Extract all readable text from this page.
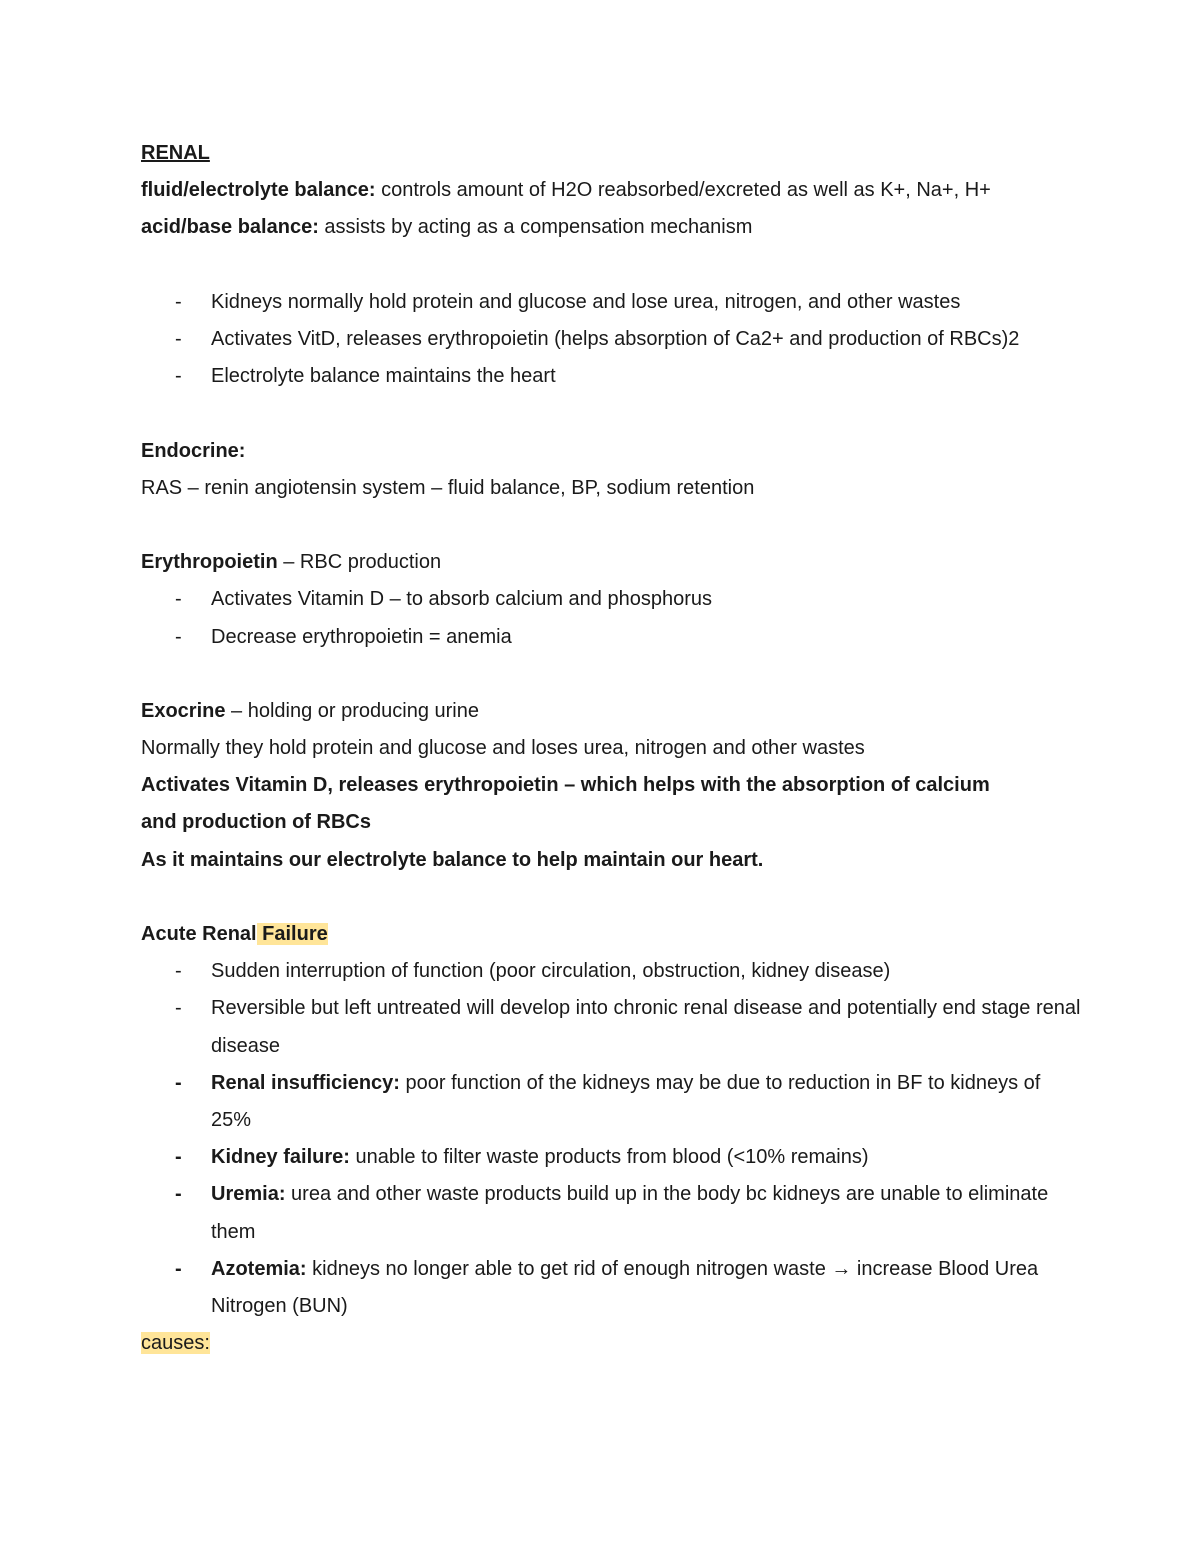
RENAL
fluid/electrolyte balance: controls amount of H2O reabsorbed/excreted as well as K+, Na+, H+
acid/base balance: assists by acting as a compensation mechanism
-	Kidneys normally hold protein and glucose and lose urea, nitrogen, and other wastes
-	Activates VitD, releases erythropoietin (helps absorption of Ca2+ and production of RBCs)2
-	Electrolyte balance maintains the heart
Endocrine:
RAS – renin angiotensin system – fluid balance, BP, sodium retention
Erythropoietin – RBC production
-	Activates Vitamin D – to absorb calcium and phosphorus
-	Decrease erythropoietin = anemia
Exocrine – holding or producing urine
Normally they hold protein and glucose and loses urea, nitrogen and other wastes
Activates Vitamin D, releases erythropoietin – which helps with the absorption of calcium
and production of RBCs
As it maintains our electrolyte balance to help maintain our heart.
Acute Renal Failure
-	Sudden interruption of function (poor circulation, obstruction, kidney disease)
-	Reversible but left untreated will develop into chronic renal disease and potentially end stage renal disease
-	Renal insufficiency: poor function of the kidneys may be due to reduction in BF to kidneys of 25%
-	Kidney failure: unable to filter waste products from blood (<10% remains)
-	Uremia: urea and other waste products build up in the body bc kidneys are unable to eliminate them
-	Azotemia: kidneys no longer able to get rid of enough nitrogen waste → increase Blood Urea Nitrogen (BUN)
causes:
